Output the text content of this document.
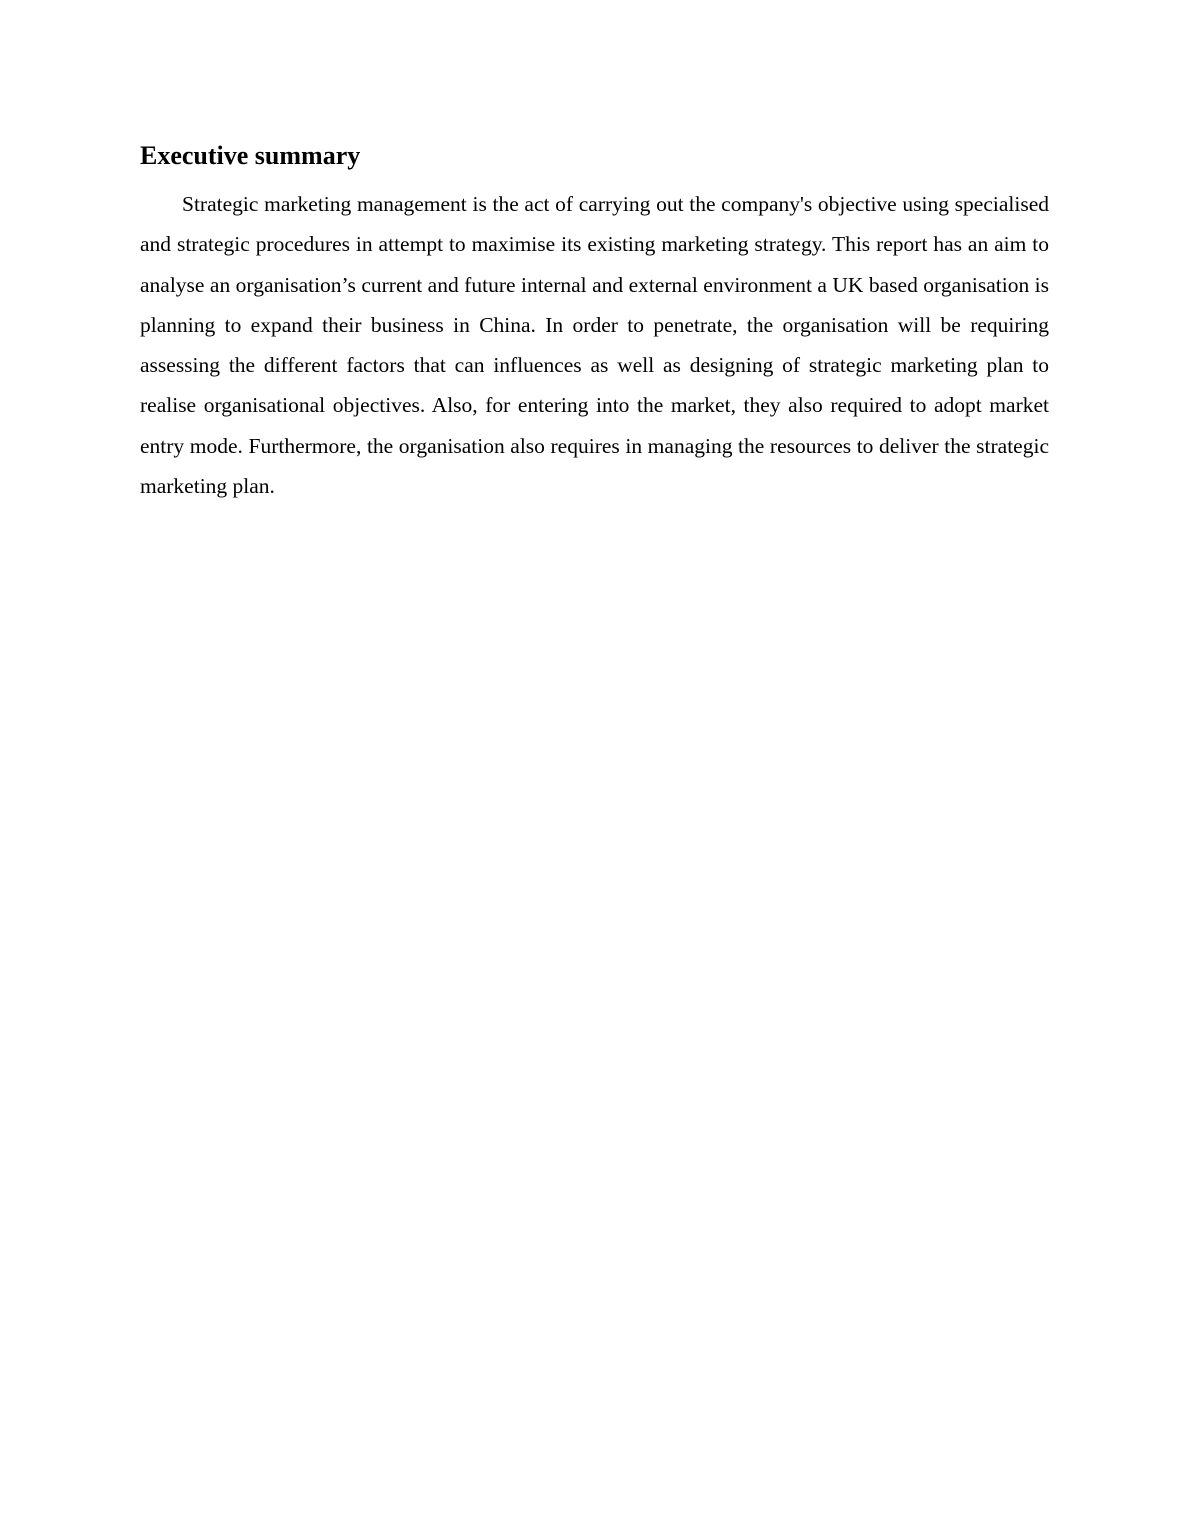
Executive summary

Strategic marketing management is the act of carrying out the company's objective using specialised and strategic procedures in attempt to maximise its existing marketing strategy. This report has an aim to analyse an organisation’s current and future internal and external environment a UK based organisation is planning to expand their business in China. In order to penetrate, the organisation will be requiring assessing the different factors that can influences as well as designing of strategic marketing plan to realise organisational objectives. Also, for entering into the market, they also required to adopt market entry mode. Furthermore, the organisation also requires in managing the resources to deliver the strategic marketing plan.
